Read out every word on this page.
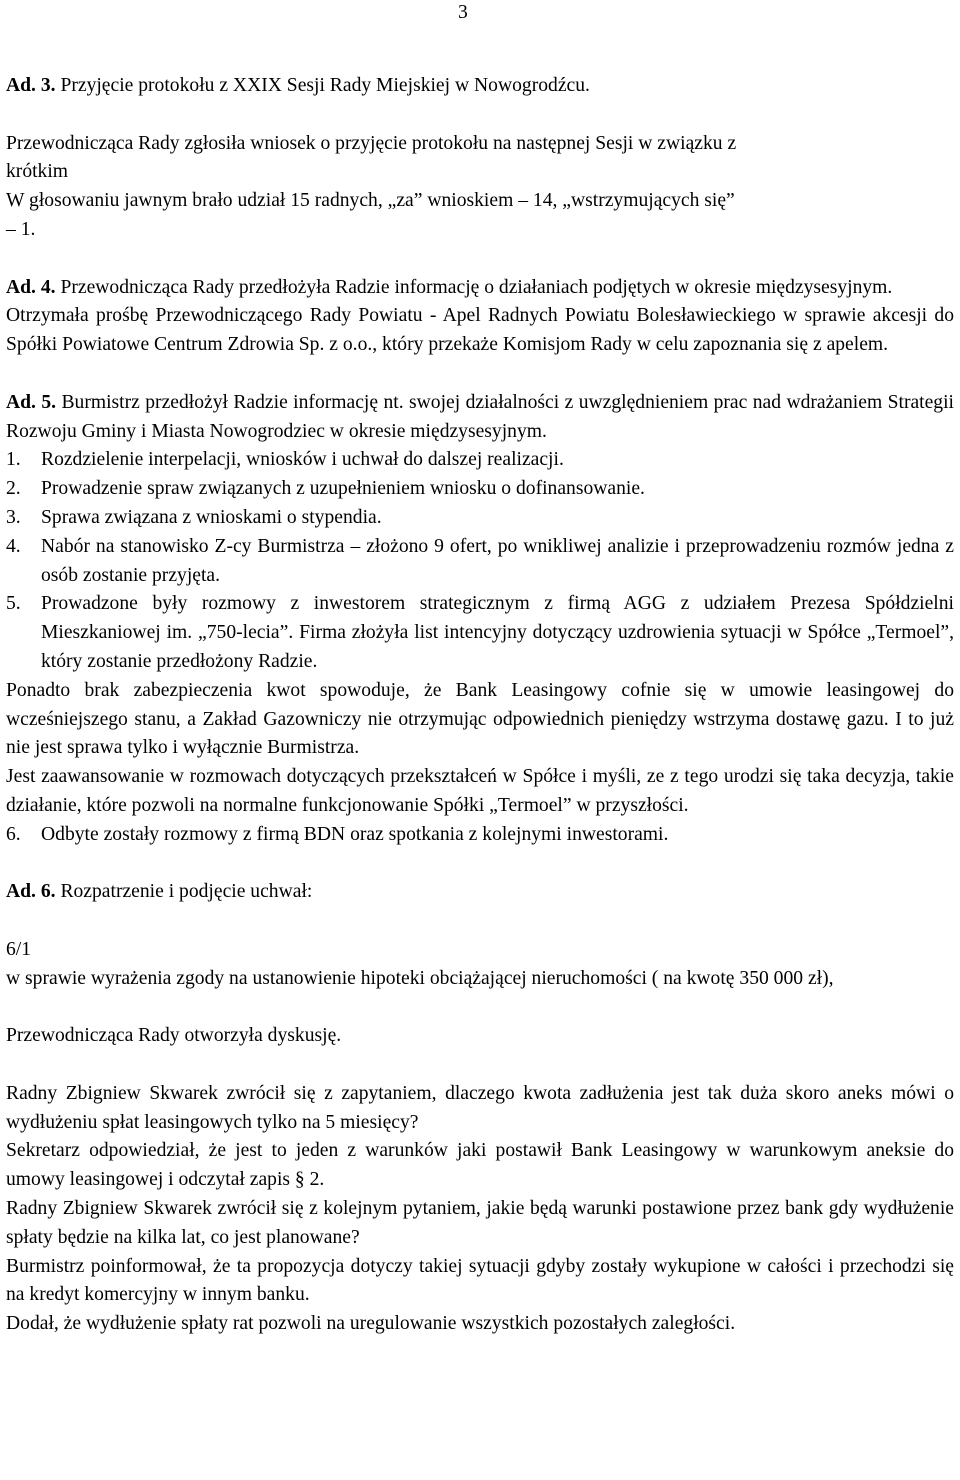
3

Ad. 3. Przyjęcie protokołu z XXIX Sesji Rady Miejskiej w Nowogrodźcu.

Przewodnicząca Rady zgłosiła wniosek o przyjęcie protokołu na następnej Sesji w związku z

krótkim

W głosowaniu jawnym brało udział 15 radnych, „za” wnioskiem – 14, „wstrzymujących się”

– 1.

Ad. 4. Przewodnicząca Rady przedłożyła Radzie informację o działaniach podjętych w okresie międzysesyjnym.

Otrzymała prośbę Przewodniczącego Rady Powiatu - Apel Radnych Powiatu Bolesławieckiego w sprawie akcesji do Spółki Powiatowe Centrum Zdrowia Sp. z o.o., który przekaże Komisjom Rady w celu zapoznania się z apelem.

Ad. 5. Burmistrz przedłożył Radzie informację nt. swojej działalności z uwzględnieniem prac nad wdrażaniem Strategii Rozwoju Gminy i Miasta Nowogrodziec w okresie międzysesyjnym.

1.	Rozdzielenie interpelacji, wniosków i uchwał do dalszej realizacji.
2.	Prowadzenie spraw związanych z uzupełnieniem wniosku o dofinansowanie.
3.	Sprawa związana z wnioskami o stypendia.
4.	Nabór na stanowisko Z-cy Burmistrza – złożono 9 ofert, po wnikliwej analizie i przeprowadzeniu rozmów jedna z osób zostanie przyjęta.
5.	Prowadzone były rozmowy z inwestorem strategicznym z firmą AGG z udziałem Prezesa Spółdzielni Mieszkaniowej im. „750-lecia”. Firma złożyła list intencyjny dotyczący uzdrowienia sytuacji w Spółce „Termoel”, który zostanie przedłożony Radzie.

Ponadto brak zabezpieczenia kwot spowoduje, że Bank Leasingowy cofnie się w umowie leasingowej do wcześniejszego stanu, a Zakład Gazowniczy nie otrzymując odpowiednich pieniędzy wstrzyma dostawę gazu. I to już nie jest sprawa tylko i wyłącznie Burmistrza.

Jest zaawansowanie w rozmowach dotyczących przekształceń w Spółce i myśli, ze z tego urodzi się taka decyzja, takie działanie, które pozwoli na normalne funkcjonowanie Spółki „Termoel” w przyszłości.

6.	Odbyte zostały rozmowy z firmą BDN oraz spotkania z kolejnymi inwestorami.

Ad. 6. Rozpatrzenie i podjęcie uchwał:

6/1

w sprawie wyrażenia zgody na ustanowienie hipoteki obciążającej nieruchomości ( na kwotę 350 000 zł),

Przewodnicząca Rady otworzyła dyskusję.

Radny Zbigniew Skwarek zwrócił się z zapytaniem, dlaczego kwota zadłużenia jest tak duża skoro aneks mówi o wydłużeniu spłat leasingowych tylko na 5 miesięcy?

Sekretarz odpowiedział, że jest to jeden z warunków jaki postawił Bank Leasingowy w warunkowym aneksie do umowy leasingowej i odczytał zapis § 2.

Radny Zbigniew Skwarek zwrócił się z kolejnym pytaniem, jakie będą warunki postawione przez bank gdy wydłużenie spłaty będzie na kilka lat, co jest planowane?

Burmistrz poinformował, że ta propozycja dotyczy takiej sytuacji gdyby zostały wykupione w całości i przechodzi się na kredyt komercyjny w innym banku.

Dodał, że wydłużenie spłaty rat pozwoli na uregulowanie wszystkich pozostałych zaległości.
